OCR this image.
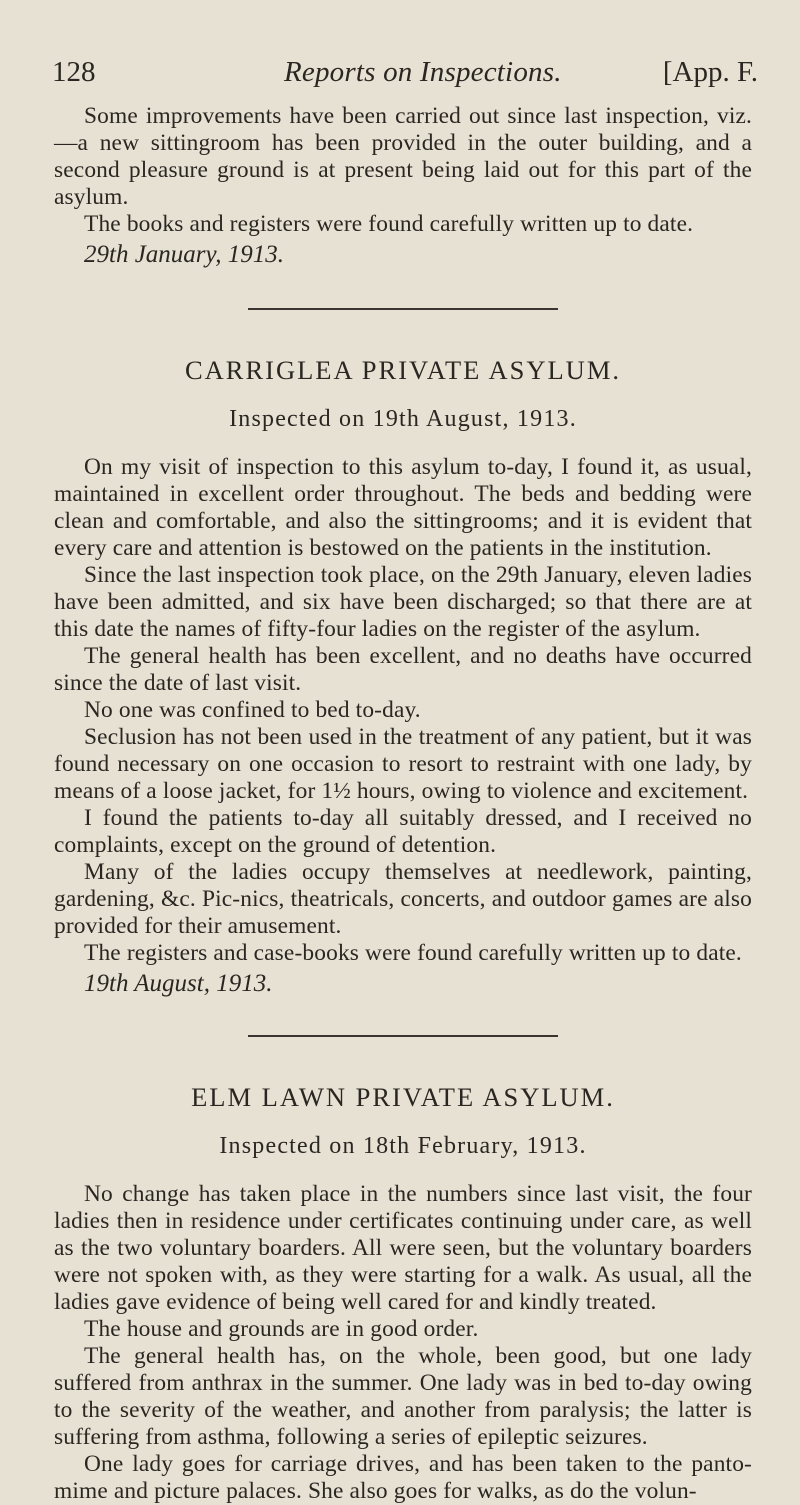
128	Reports on Inspections.	[App. F.

Some improvements have been carried out since last inspection, viz.—a new sittingroom has been provided in the outer building, and a second pleasure ground is at present being laid out for this part of the asylum.

The books and registers were found carefully written up to date.

29th January, 1913.
CARRIGLEA PRIVATE ASYLUM.
Inspected on 19th August, 1913.

On my visit of inspection to this asylum to-day, I found it, as usual, maintained in excellent order throughout. The beds and bedding were clean and comfortable, and also the sittingrooms; and it is evident that every care and attention is bestowed on the patients in the institution.

Since the last inspection took place, on the 29th January, eleven ladies have been admitted, and six have been discharged; so that there are at this date the names of fifty-four ladies on the register of the asylum.

The general health has been excellent, and no deaths have occurred since the date of last visit.

No one was confined to bed to-day.

Seclusion has not been used in the treatment of any patient, but it was found necessary on one occasion to resort to restraint with one lady, by means of a loose jacket, for 1½ hours, owing to violence and excitement.

I found the patients to-day all suitably dressed, and I received no complaints, except on the ground of detention.

Many of the ladies occupy themselves at needlework, painting, gardening, &c. Pic-nics, theatricals, concerts, and outdoor games are also provided for their amusement.

The registers and case-books were found carefully written up to date.

19th August, 1913.
ELM LAWN PRIVATE ASYLUM.
Inspected on 18th February, 1913.

No change has taken place in the numbers since last visit, the four ladies then in residence under certificates continuing under care, as well as the two voluntary boarders. All were seen, but the voluntary boarders were not spoken with, as they were starting for a walk. As usual, all the ladies gave evidence of being well cared for and kindly treated.

The house and grounds are in good order.

The general health has, on the whole, been good, but one lady suffered from anthrax in the summer. One lady was in bed to-day owing to the severity of the weather, and another from paralysis; the latter is suffering from asthma, following a series of epileptic seizures.

One lady goes for carriage drives, and has been taken to the panto-mime and picture palaces. She also goes for walks, as do the volun-
